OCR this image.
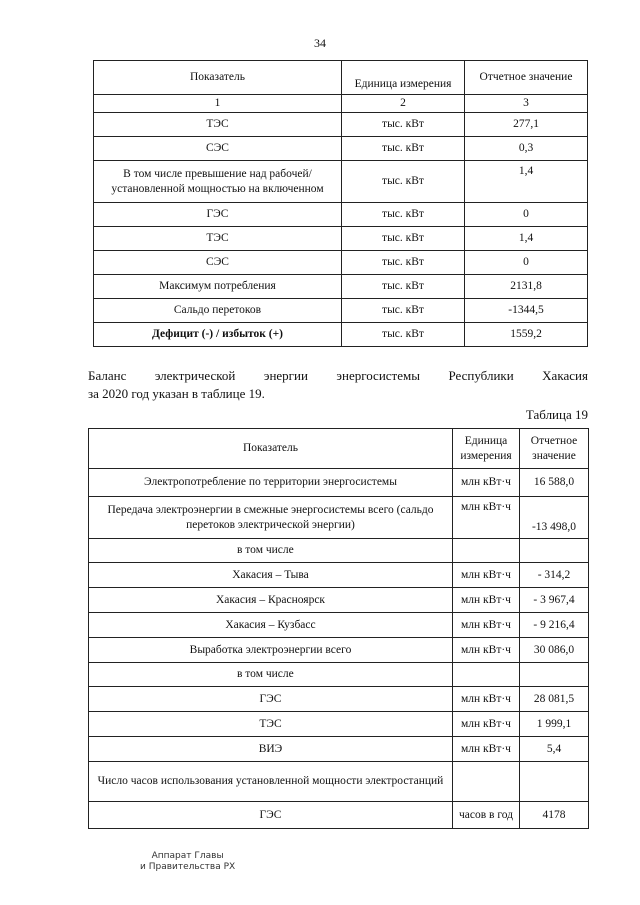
34
Показатель	Единица измерения	Отчетное значение
1	2	3
ТЭС	тыс. кВт	277,1
СЭС	тыс. кВт	0,3
В том числе превышение над рабочей/ установленной мощностью на включенном	тыс. кВт	1,4
ГЭС	тыс. кВт	0
ТЭС	тыс. кВт	1,4
СЭС	тыс. кВт	0
Максимум потребления	тыс. кВт	2131,8
Сальдо перетоков	тыс. кВт	-1344,5
Дефицит (-) / избыток (+)	тыс. кВт	1559,2
Баланс электрической энергии энергосистемы Республики Хакасия
за 2020 год указан в таблице 19.
Таблица 19
Показатель	Единица измерения	Отчетное значение
Электропотребление по территории энергосистемы	млн кВт·ч	16 588,0
Передача электроэнергии в смежные энергосистемы всего (сальдо перетоков электрической энергии)	млн кВт·ч	-13 498,0
в том числе		
Хакасия – Тыва	млн кВт·ч	- 314,2
Хакасия – Красноярск	млн кВт·ч	- 3 967,4
Хакасия – Кузбасс	млн кВт·ч	- 9 216,4
Выработка электроэнергии всего	млн кВт·ч	30 086,0
в том числе		
ГЭС	млн кВт·ч	28 081,5
ТЭС	млн кВт·ч	1 999,1
ВИЭ	млн кВт·ч	5,4
Число часов использования установленной мощности электростанций		
ГЭС	часов в год	4178
Аппарат Главы
и Правительства РХ
